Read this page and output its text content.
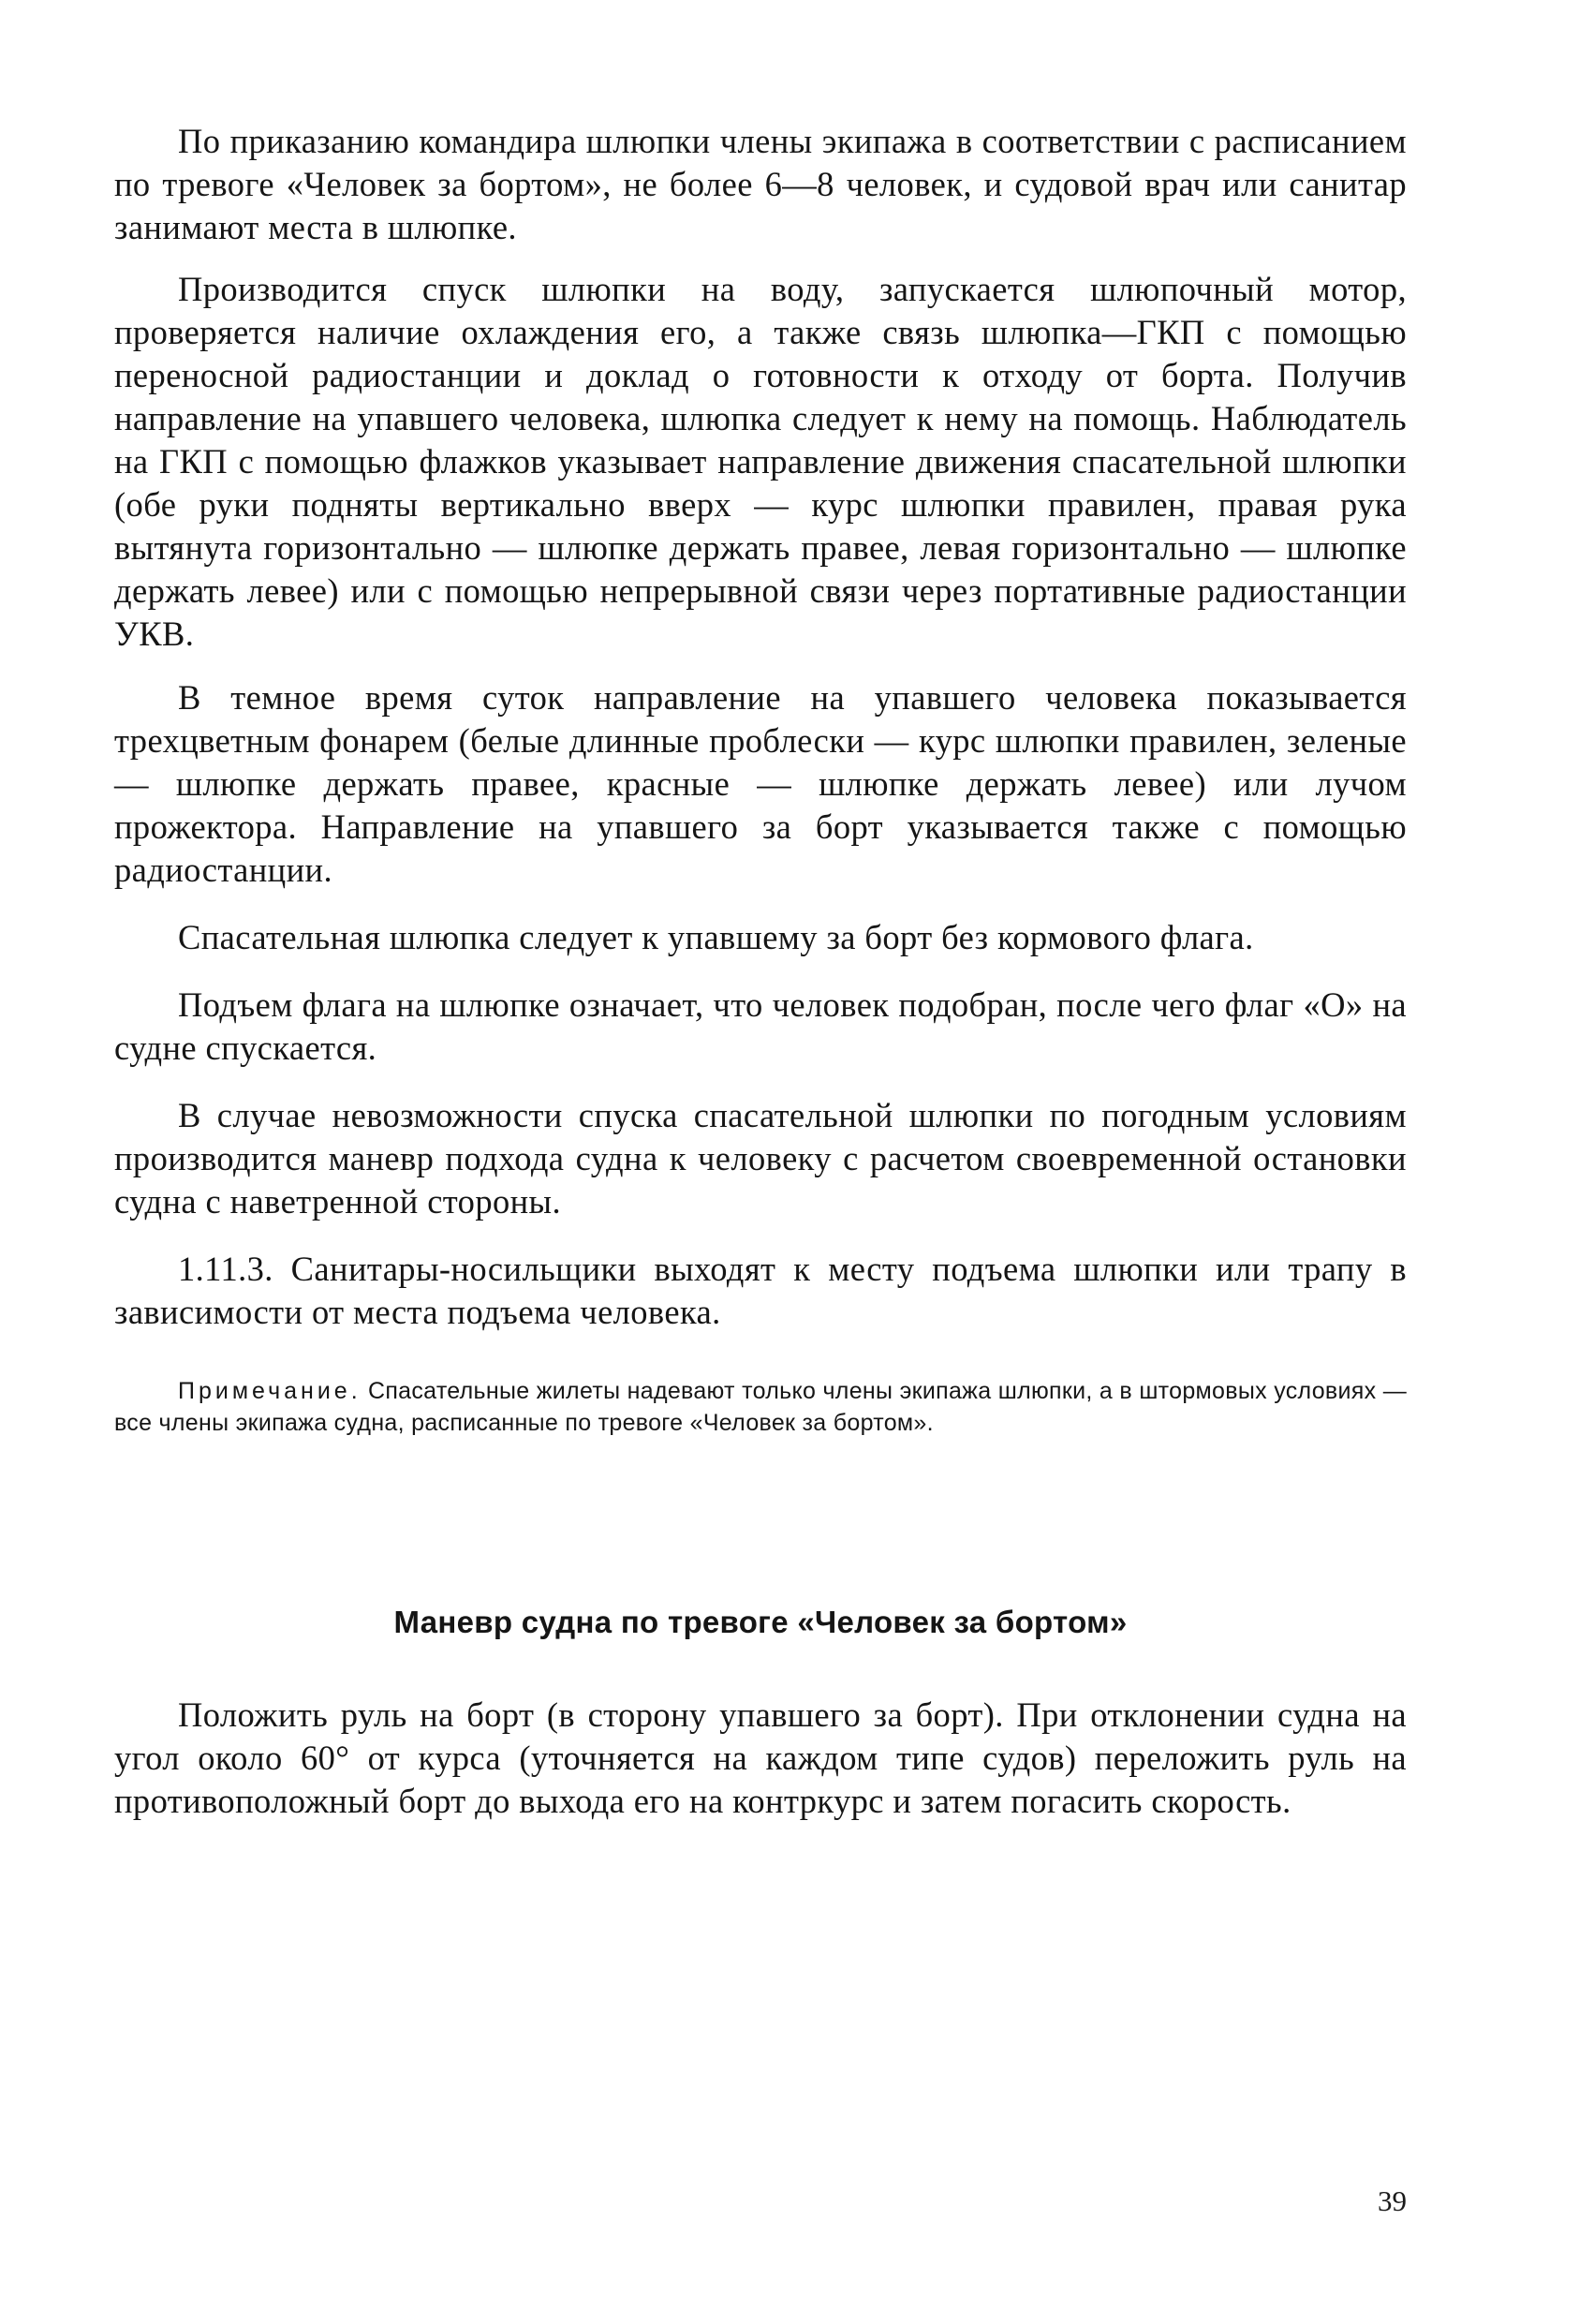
По приказанию командира шлюпки члены экипажа в соответствии с расписанием по тревоге «Человек за бортом», не более 6—8 человек, и судовой врач или санитар занимают места в шлюпке.

Производится спуск шлюпки на воду, запускается шлюпочный мотор, проверяется наличие охлаждения его, а также связь шлюпка—ГКП с помощью переносной радиостанции и доклад о готовности к отходу от борта. Получив направление на упавшего человека, шлюпка следует к нему на помощь. Наблюдатель на ГКП с помощью флажков указывает направление движения спасательной шлюпки (обе руки подняты вертикально вверх — курс шлюпки правилен, правая рука вытянута горизонтально — шлюпке держать правее, левая горизонтально — шлюпке держать левее) или с помощью непрерывной связи через портативные радиостанции УКВ.

В темное время суток направление на упавшего человека показывается трехцветным фонарем (белые длинные проблески — курс шлюпки правилен, зеленые — шлюпке держать правее, красные — шлюпке держать левее) или лучом прожектора. Направление на упавшего за борт указывается также с помощью радиостанции.

Спасательная шлюпка следует к упавшему за борт без кормового флага.

Подъем флага на шлюпке означает, что человек подобран, после чего флаг «О» на судне спускается.

В случае невозможности спуска спасательной шлюпки по погодным условиям производится маневр подхода судна к человеку с расчетом своевременной остановки судна с наветренной стороны.

1.11.3. Санитары-носильщики выходят к месту подъема шлюпки или трапу в зависимости от места подъема человека.

Примечание. Спасательные жилеты надевают только члены экипажа шлюпки, а в штормовых условиях — все члены экипажа судна, расписанные по тревоге «Человек за бортом».

Маневр судна по тревоге «Человек за бортом»

Положить руль на борт (в сторону упавшего за борт). При отклонении судна на угол около 60° от курса (уточняется на каждом типе судов) переложить руль на противоположный борт до выхода его на контркурс и затем погасить скорость.

39
